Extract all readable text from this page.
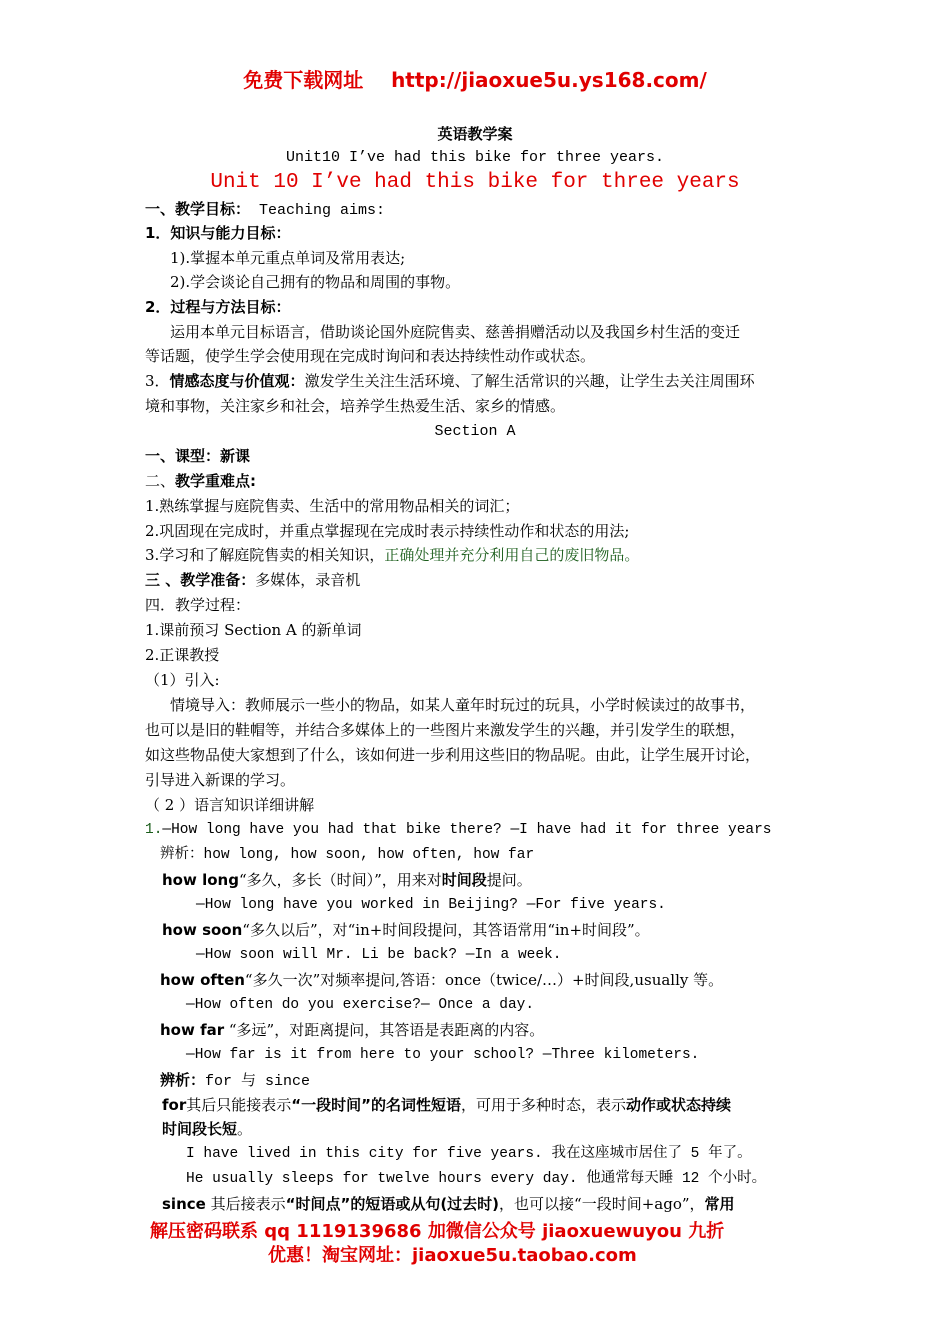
免费下载网址 http://jiaoxue5u.ys168.com/
英语教学案
Unit10 I’ve had this bike for three years.
Unit 10 I’ve had this bike for three years
一、教学目标： Teaching aims:
1．知识与能力目标：
1).掌握本单元重点单词及常用表达;
2).学会谈论自己拥有的物品和周围的事物。
2．过程与方法目标：
运用本单元目标语言，借助谈论国外庭院售卖、慈善捐赠活动以及我国乡村生活的变迁
等话题，使学生学会使用现在完成时询问和表达持续性动作或状态。
3．情感态度与价值观：激发学生关注生活环境、了解生活常识的兴趣，让学生去关注周围环
境和事物，关注家乡和社会，培养学生热爱生活、家乡的情感。
Section A
一、课型：新课
二、教学重难点:
1.熟练掌握与庭院售卖、生活中的常用物品相关的词汇；
2.巩固现在完成时，并重点掌握现在完成时表示持续性动作和状态的用法;
3.学习和了解庭院售卖的相关知识，正确处理并充分利用自己的废旧物品。
三 、教学准备：多媒体，录音机
四．教学过程：
1.课前预习 Section A 的新单词
2.正课教授
（1）引入:
情境导入：教师展示一些小的物品，如某人童年时玩过的玩具，小学时候读过的故事书，
也可以是旧的鞋帽等，并结合多媒体上的一些图片来激发学生的兴趣，并引发学生的联想，
如这些物品使大家想到了什么，该如何进一步利用这些旧的物品呢。由此，让学生展开讨论，
引导进入新课的学习。
（ 2 ）语言知识详细讲解
1.—How long have you had that bike there? —I have had it for three years
辨析：how long, how soon, how often, how far
how long“多久，多长（时间）”，用来对时间段提问。
—How long have you worked in Beijing? —For five years.
how soon“多久以后”，对“in+时间段提问，其答语常用“in+时间段”。
—How soon will Mr. Li be back? —In a week.
how often“多久一次”对频率提问,答语：once（twice/…）+时间段,usually 等。
—How often do you exercise?— Once a day.
how far “多远”，对距离提问，其答语是表距离的内容。
—How far is it from here to your school? —Three kilometers.
辨析：for 与 since
for其后只能接表示“一段时间”的名词性短语，可用于多种时态，表示动作或状态持续
时间段长短。
I have lived in this city for five years. 我在这座城市居住了 5 年了。
He usually sleeps for twelve hours every day. 他通常每天睡 12 个小时。
since 其后接表示“时间点”的短语或从句(过去时)，也可以接“一段时间+ago”，常用
解压密码联系 qq 1119139686 加微信公众号 jiaoxuewuyou 九折
优惠！淘宝网址：jiaoxue5u.taobao.com
